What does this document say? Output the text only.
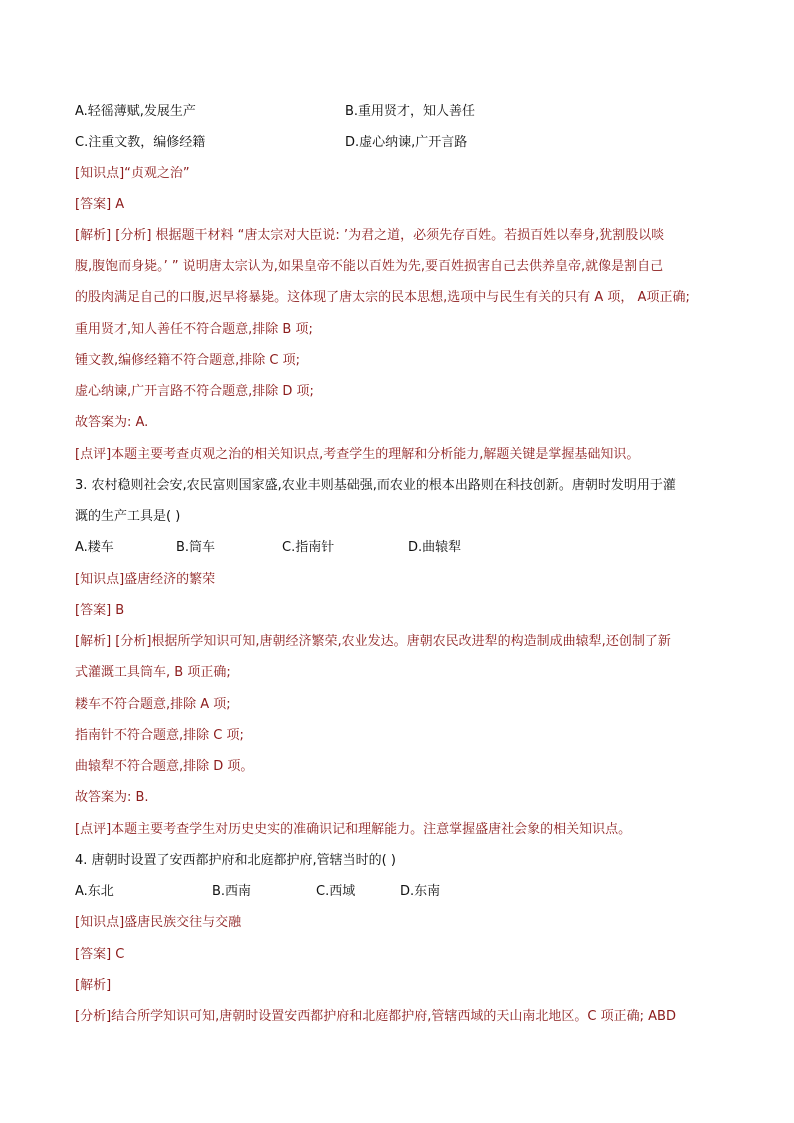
A.轻徭薄赋,发展生产	B.重用贤才，知人善任
C.注重文教，编修经籍	D.虚心纳谏,广开言路
[知识点]“贞观之治”
[答案] A
[解析] [分析] 根据题干材料 “唐太宗对大臣说: ’为君之道，必须先存百姓。若损百姓以奉身,犹割股以啖
腹,腹饱而身毙。’ ” 说明唐太宗认为,如果皇帝不能以百姓为先,要百姓损害自己去供养皇帝,就像是割自己
的股肉满足自己的口腹,迟早将暴毙。这体现了唐太宗的民本思想,选项中与民生有关的只有 A 项， A项正确;
重用贤才,知人善任不符合题意,排除 B 项;
锺文教,编修经籍不符合题意,排除 C 项;
虚心纳谏,广开言路不符合题意,排除 D 项;
故答案为: A.
[点评]本题主要考查贞观之治的相关知识点,考查学生的理解和分析能力,解题关键是掌握基础知识。
3. 农村稳则社会安,农民富则国家盛,农业丰则基础强,而农业的根本出路则在科技创新。唐朝时发明用于灌
溉的生产工具是( )
A.耧车	B.筒车	C.指南针	D.曲辕犁
[知识点]盛唐经济的繁荣
[答案] B
[解析] [分析]根据所学知识可知,唐朝经济繁荣,农业发达。唐朝农民改进犁的构造制成曲辕犁,还创制了新
式灌溉工具筒车, B 项正确;
耧车不符合题意,排除 A 项;
指南针不符合题意,排除 C 项;
曲辕犁不符合题意,排除 D 项。
故答案为: B.
[点评]本题主要考查学生对历史史实的准确识记和理解能力。注意掌握盛唐社会象的相关知识点。
4. 唐朝时设置了安西都护府和北庭都护府,管辖当时的( )
A.东北	B.西南	C.西域	D.东南
[知识点]盛唐民族交往与交融
[答案] C
[解析]
[分析]结合所学知识可知,唐朝时设置安西都护府和北庭都护府,管辖西域的天山南北地区。C 项正确; ABD
